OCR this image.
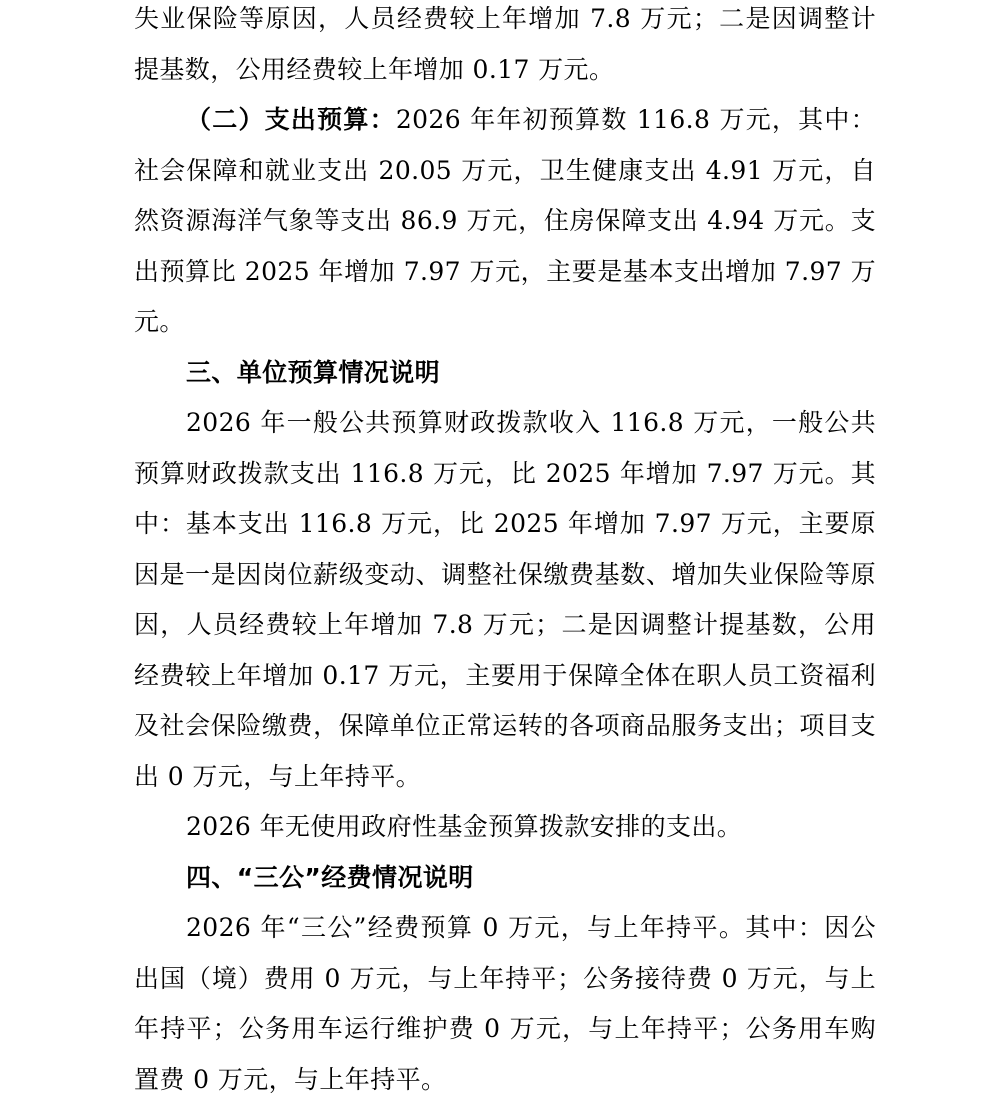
失业保险等原因，人员经费较上年增加 7.8 万元；二是因调整计提基数，公用经费较上年增加 0.17 万元。

（二）支出预算：2026 年年初预算数 116.8 万元，其中：社会保障和就业支出 20.05 万元，卫生健康支出 4.91 万元，自然资源海洋气象等支出 86.9 万元，住房保障支出 4.94 万元。支出预算比 2025 年增加 7.97 万元，主要是基本支出增加 7.97 万元。

三、单位预算情况说明

2026 年一般公共预算财政拨款收入 116.8 万元，一般公共预算财政拨款支出 116.8 万元，比 2025 年增加 7.97 万元。其中：基本支出 116.8 万元，比 2025 年增加 7.97 万元，主要原因是一是因岗位薪级变动、调整社保缴费基数、增加失业保险等原因，人员经费较上年增加 7.8 万元；二是因调整计提基数，公用经费较上年增加 0.17 万元，主要用于保障全体在职人员工资福利及社会保险缴费，保障单位正常运转的各项商品服务支出；项目支出 0 万元，与上年持平。

2026 年无使用政府性基金预算拨款安排的支出。

四、“三公”经费情况说明

2026 年“三公”经费预算 0 万元，与上年持平。其中：因公出国（境）费用 0 万元，与上年持平；公务接待费 0 万元，与上年持平；公务用车运行维护费 0 万元，与上年持平；公务用车购置费 0 万元，与上年持平。
